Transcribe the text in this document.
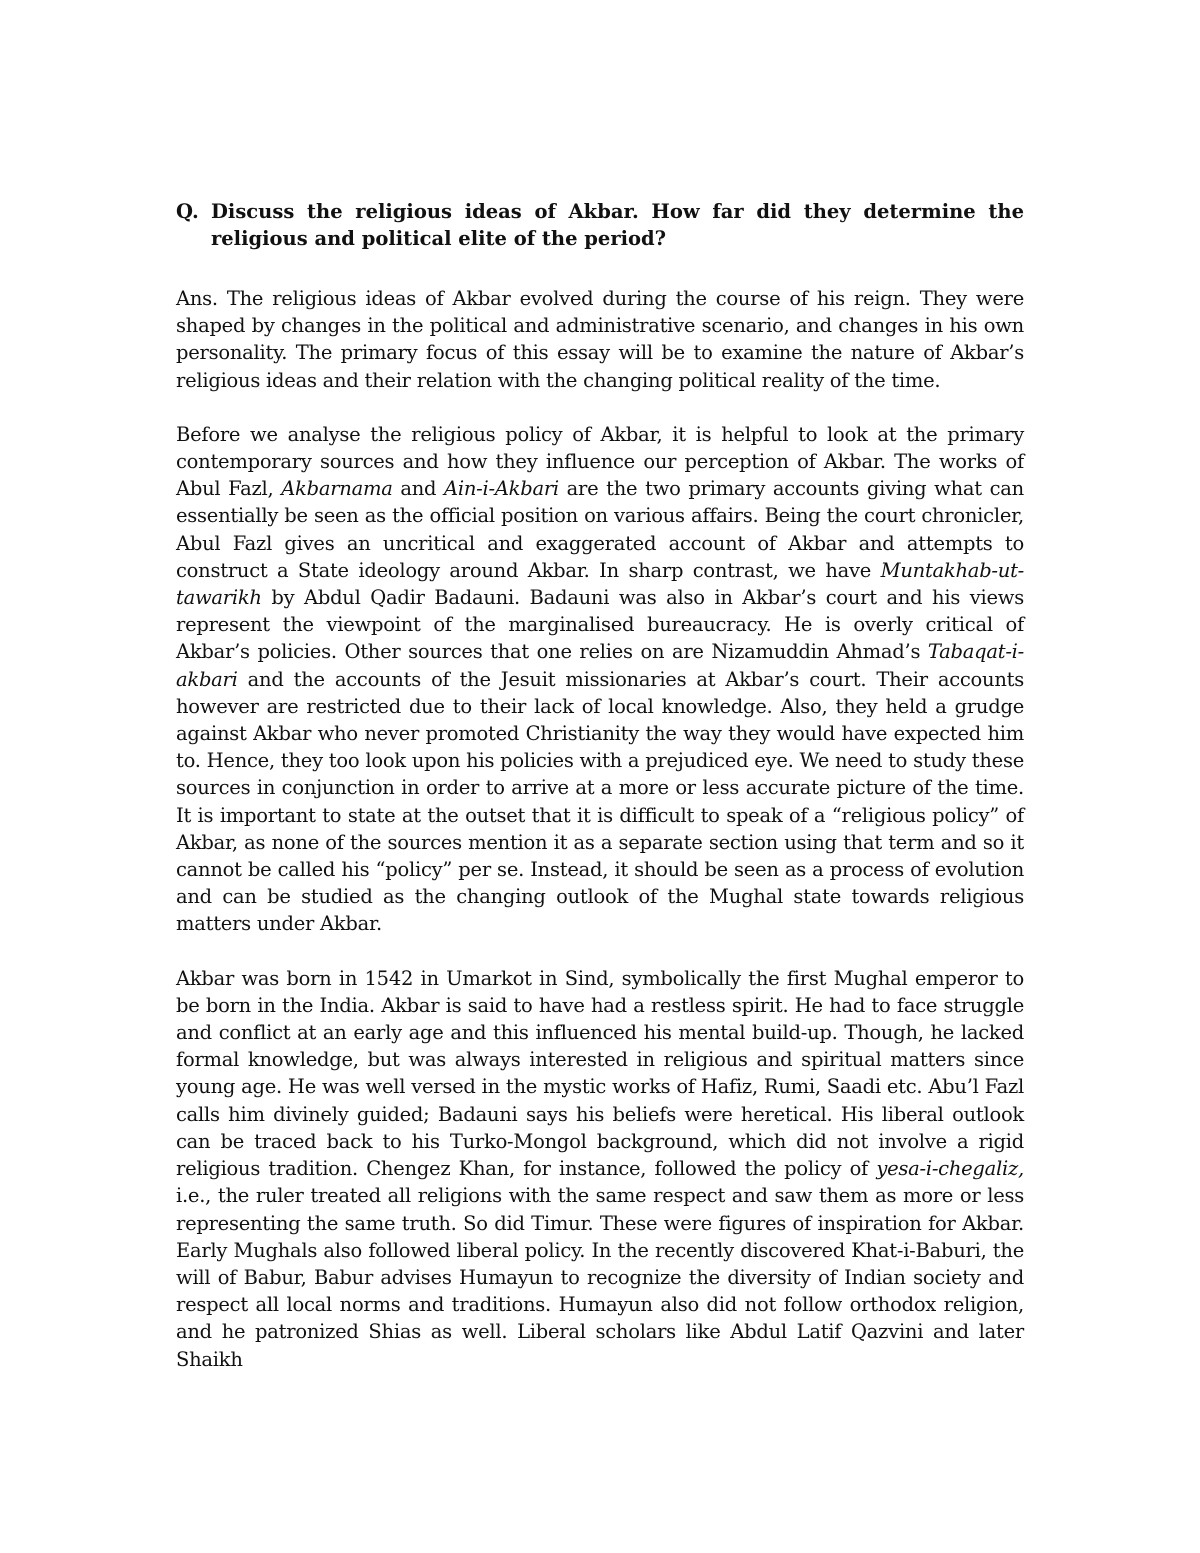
Q. Discuss the religious ideas of Akbar. How far did they determine the religious and political elite of the period?

Ans. The religious ideas of Akbar evolved during the course of his reign. They were shaped by changes in the political and administrative scenario, and changes in his own personality. The primary focus of this essay will be to examine the nature of Akbar’s religious ideas and their relation with the changing political reality of the time.

Before we analyse the religious policy of Akbar, it is helpful to look at the primary contemporary sources and how they influence our perception of Akbar. The works of Abul Fazl, Akbarnama and Ain-i-Akbari are the two primary accounts giving what can essentially be seen as the official position on various affairs. Being the court chronicler, Abul Fazl gives an uncritical and exaggerated account of Akbar and attempts to construct a State ideology around Akbar. In sharp contrast, we have Muntakhab-ut-tawarikh by Abdul Qadir Badauni. Badauni was also in Akbar’s court and his views represent the viewpoint of the marginalised bureaucracy. He is overly critical of Akbar’s policies. Other sources that one relies on are Nizamuddin Ahmad’s Tabaqat-i-akbari and the accounts of the Jesuit missionaries at Akbar’s court. Their accounts however are restricted due to their lack of local knowledge. Also, they held a grudge against Akbar who never promoted Christianity the way they would have expected him to. Hence, they too look upon his policies with a prejudiced eye. We need to study these sources in conjunction in order to arrive at a more or less accurate picture of the time. It is important to state at the outset that it is difficult to speak of a “religious policy” of Akbar, as none of the sources mention it as a separate section using that term and so it cannot be called his “policy” per se. Instead, it should be seen as a process of evolution and can be studied as the changing outlook of the Mughal state towards religious matters under Akbar.

Akbar was born in 1542 in Umarkot in Sind, symbolically the first Mughal emperor to be born in the India. Akbar is said to have had a restless spirit. He had to face struggle and conflict at an early age and this influenced his mental build-up. Though, he lacked formal knowledge, but was always interested in religious and spiritual matters since young age. He was well versed in the mystic works of Hafiz, Rumi, Saadi etc. Abu’l Fazl calls him divinely guided; Badauni says his beliefs were heretical. His liberal outlook can be traced back to his Turko-Mongol background, which did not involve a rigid religious tradition. Chengez Khan, for instance, followed the policy of yesa-i-chegaliz, i.e., the ruler treated all religions with the same respect and saw them as more or less representing the same truth. So did Timur. These were figures of inspiration for Akbar. Early Mughals also followed liberal policy. In the recently discovered Khat-i-Baburi, the will of Babur, Babur advises Humayun to recognize the diversity of Indian society and respect all local norms and traditions. Humayun also did not follow orthodox religion, and he patronized Shias as well. Liberal scholars like Abdul Latif Qazvini and later Shaikh
